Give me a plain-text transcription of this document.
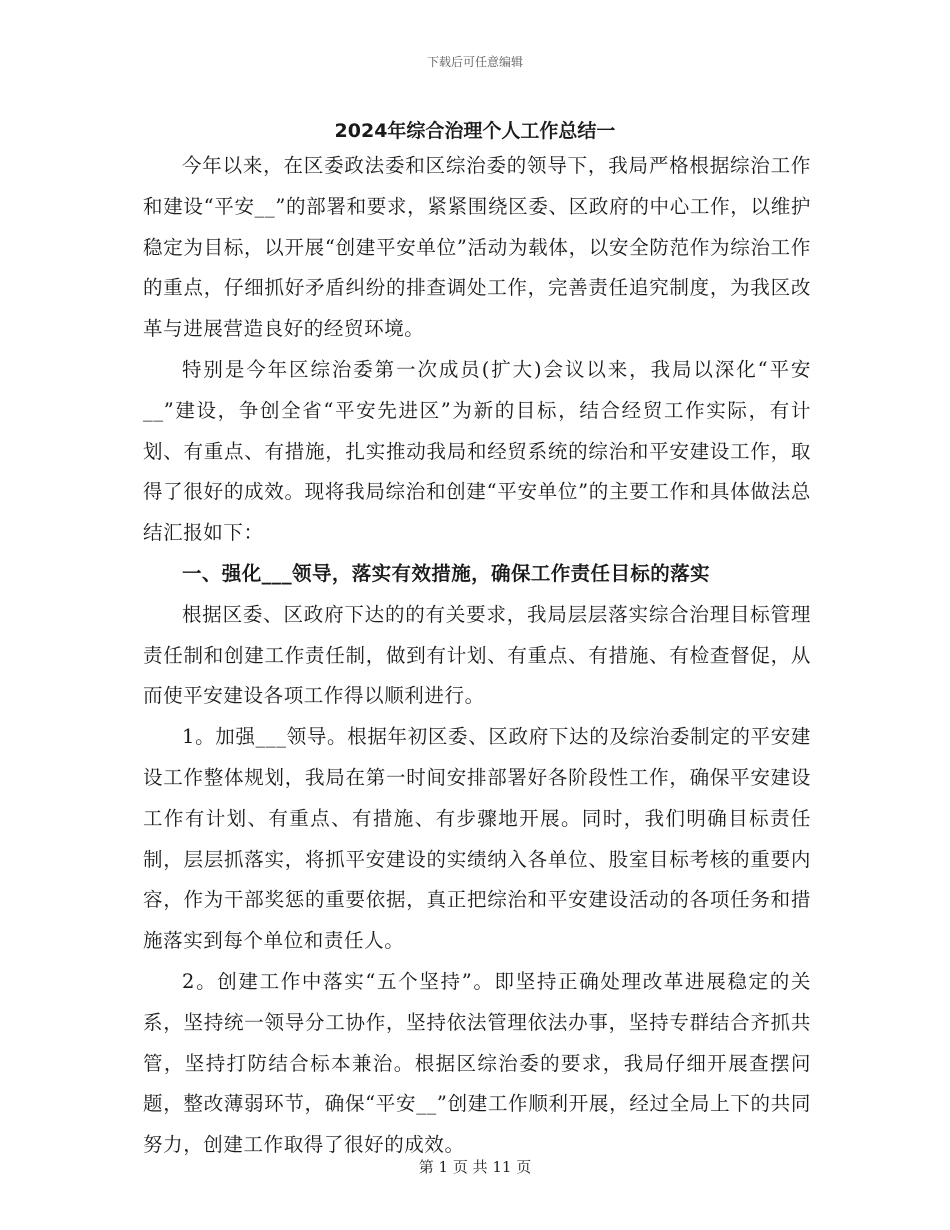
下载后可任意编辑
2024年综合治理个人工作总结一

今年以来，在区委政法委和区综治委的领导下，我局严格根据综治工作和建设“平安__”的部署和要求，紧紧围绕区委、区政府的中心工作，以维护稳定为目标，以开展“创建平安单位”活动为载体，以安全防范作为综治工作的重点，仔细抓好矛盾纠纷的排查调处工作，完善责任追究制度，为我区改革与进展营造良好的经贸环境。

特别是今年区综治委第一次成员(扩大)会议以来，我局以深化“平安__”建设，争创全省“平安先进区”为新的目标，结合经贸工作实际，有计划、有重点、有措施，扎实推动我局和经贸系统的综治和平安建设工作，取得了很好的成效。现将我局综治和创建“平安单位”的主要工作和具体做法总结汇报如下：

一、强化___领导，落实有效措施，确保工作责任目标的落实

根据区委、区政府下达的的有关要求，我局层层落实综合治理目标管理责任制和创建工作责任制，做到有计划、有重点、有措施、有检查督促，从而使平安建设各项工作得以顺利进行。

1。加强___领导。根据年初区委、区政府下达的及综治委制定的平安建设工作整体规划，我局在第一时间安排部署好各阶段性工作，确保平安建设工作有计划、有重点、有措施、有步骤地开展。同时，我们明确目标责任制，层层抓落实，将抓平安建设的实绩纳入各单位、股室目标考核的重要内容，作为干部奖惩的重要依据，真正把综治和平安建设活动的各项任务和措施落实到每个单位和责任人。

2。创建工作中落实“五个坚持”。即坚持正确处理改革进展稳定的关系，坚持统一领导分工协作，坚持依法管理依法办事，坚持专群结合齐抓共管，坚持打防结合标本兼治。根据区综治委的要求，我局仔细开展查摆问题，整改薄弱环节，确保“平安__”创建工作顺利开展，经过全局上下的共同努力，创建工作取得了很好的成效。

第 1 页 共 11 页
